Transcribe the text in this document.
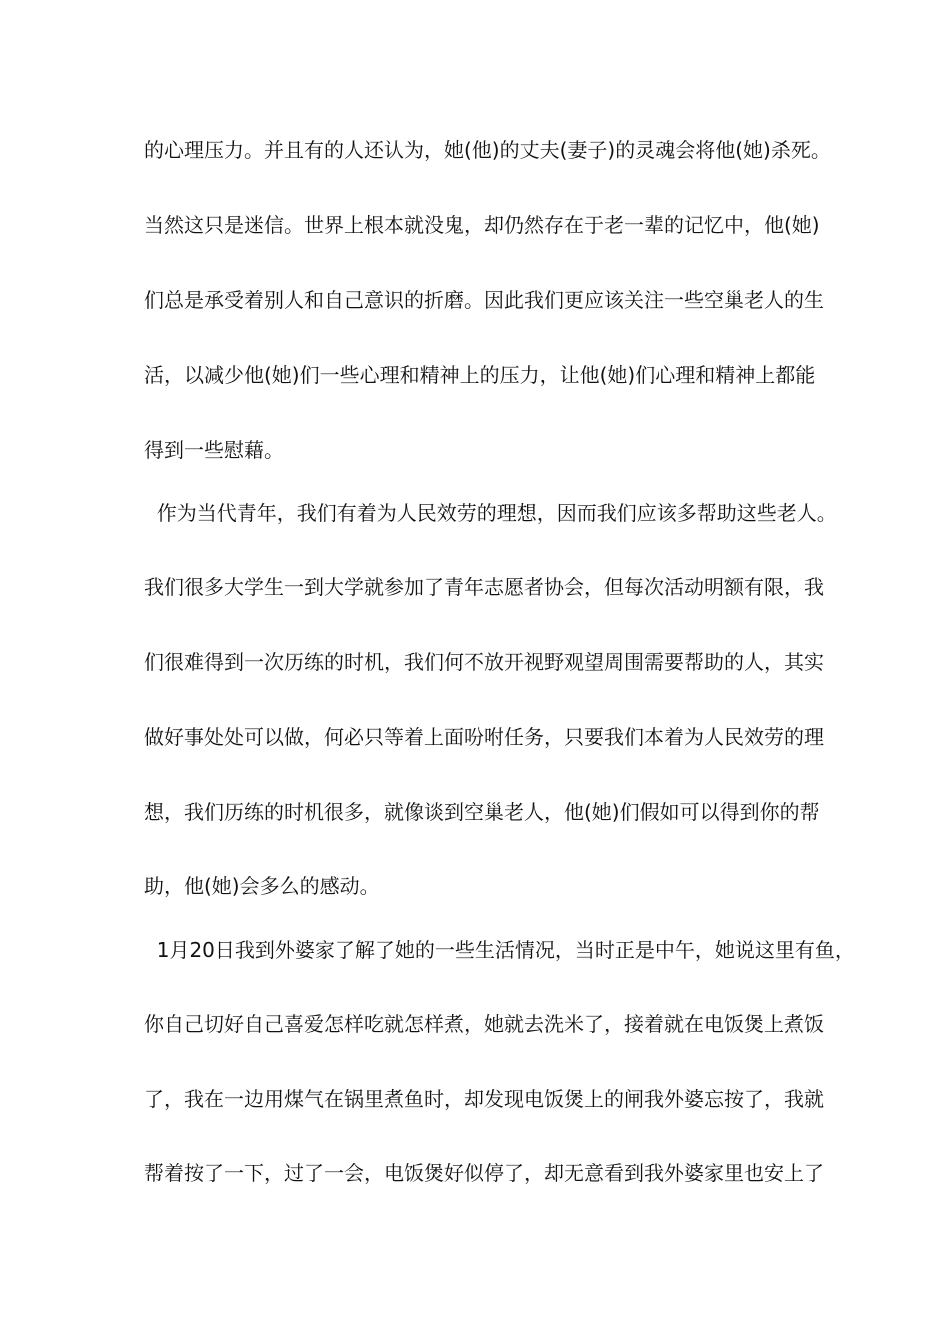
的心理压力。并且有的人还认为，她(他)的丈夫(妻子)的灵魂会将他(她)杀死。
当然这只是迷信。世界上根本就没鬼，却仍然存在于老一辈的记忆中，他(她)
们总是承受着别人和自己意识的折磨。因此我们更应该关注一些空巢老人的生
活，以减少他(她)们一些心理和精神上的压力，让他(她)们心理和精神上都能
得到一些慰藉。
作为当代青年，我们有着为人民效劳的理想，因而我们应该多帮助这些老人。
我们很多大学生一到大学就参加了青年志愿者协会，但每次活动明额有限，我
们很难得到一次历练的时机，我们何不放开视野观望周围需要帮助的人，其实
做好事处处可以做，何必只等着上面吩咐任务，只要我们本着为人民效劳的理
想，我们历练的时机很多，就像谈到空巢老人，他(她)们假如可以得到你的帮
助，他(她)会多么的感动。
1月20日我到外婆家了解了她的一些生活情况，当时正是中午，她说这里有鱼，
你自己切好自己喜爱怎样吃就怎样煮，她就去洗米了，接着就在电饭煲上煮饭
了，我在一边用煤气在锅里煮鱼时，却发现电饭煲上的闸我外婆忘按了，我就
帮着按了一下，过了一会，电饭煲好似停了，却无意看到我外婆家里也安上了
